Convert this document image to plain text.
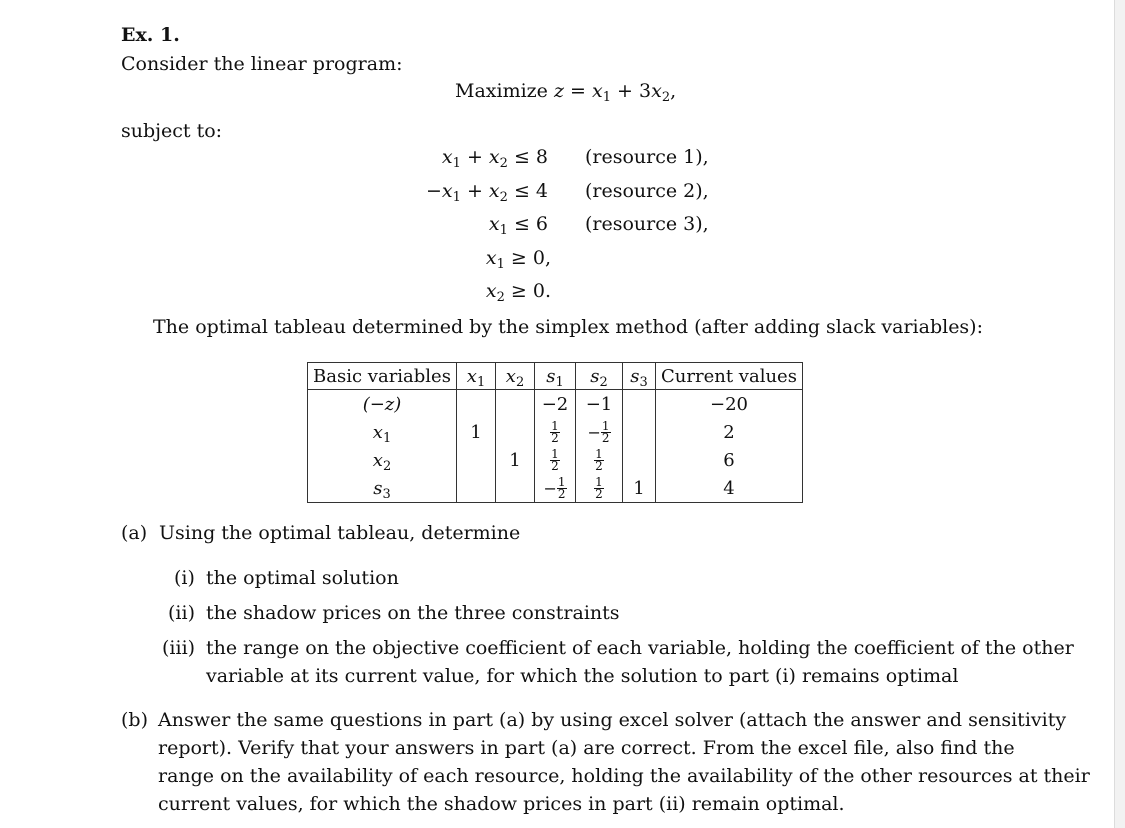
Ex. 1.
Consider the linear program:
Maximize $z = x_1 + 3x_2$,
subject to:
$x_1 + x_2 \le 8$ (resource 1),
$-x_1 + x_2 \le 4$ (resource 2),
$x_1 \le 6$ (resource 3),
$x_1 \ge 0$,
$x_2 \ge 0$.
The optimal tableau determined by the simplex method (after adding slack variables):
Basic variables	$x_1$	$x_2$	$s_1$	$s_2$	$s_3$	Current values
(−z)			−2	−1		−20
$x_1$	1		$\frac{1}{2}$	− $\frac{1}{2}$		2
$x_2$		1	$\frac{1}{2}$	$\frac{1}{2}$		6
$s_3$			− $\frac{1}{2}$	$\frac{1}{2}$	1	4
(a) Using the optimal tableau, determine
(i) the optimal solution
(ii) the shadow prices on the three constraints
(iii) the range on the objective coefficient of each variable, holding the coefficient of the other
variable at its current value, for which the solution to part (i) remains optimal
(b) Answer the same questions in part (a) by using excel solver (attach the answer and sensitivity
report). Verify that your answers in part (a) are correct. From the excel file, also find the
range on the availability of each resource, holding the availability of the other resources at their
current values, for which the shadow prices in part (ii) remain optimal.
